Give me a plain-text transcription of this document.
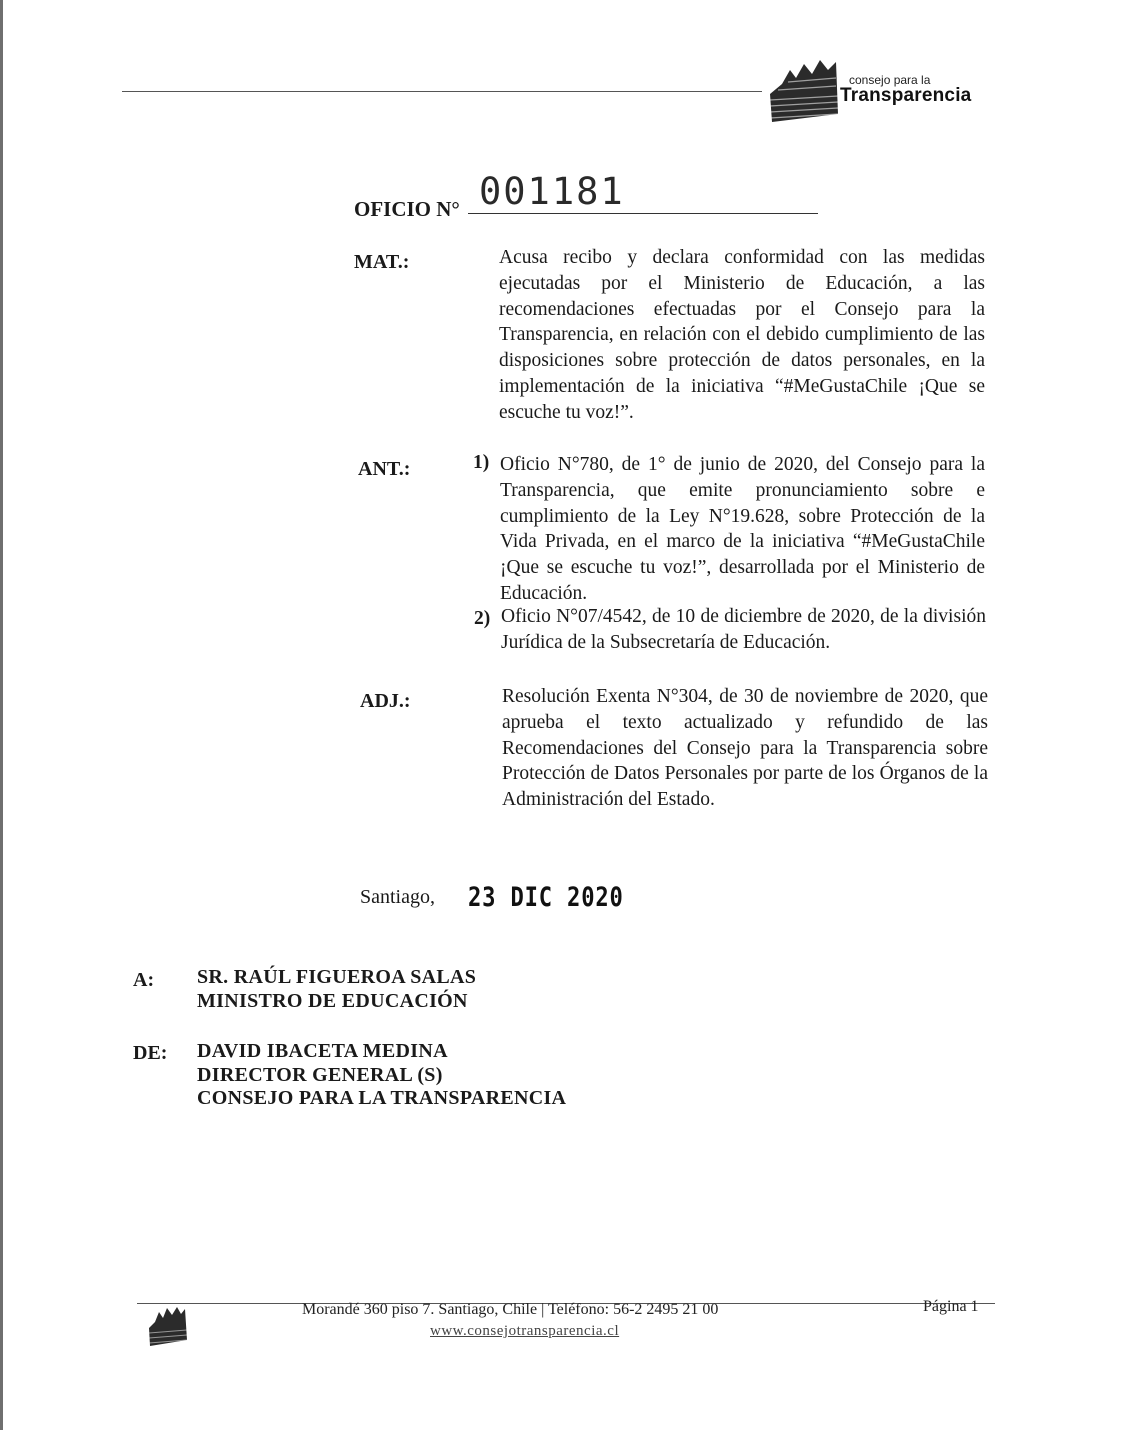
consejo para la
Transparencia
OFICIO N° 001181
MAT.:	Acusa recibo y declara conformidad con las medidas ejecutadas por el Ministerio de Educación, a las recomendaciones efectuadas por el Consejo para la Transparencia, en relación con el debido cumplimiento de las disposiciones sobre protección de datos personales, en la implementación de la iniciativa “#MeGustaChile ¡Que se escuche tu voz!”.
ANT.:	1) Oficio N°780, de 1° de junio de 2020, del Consejo para la Transparencia, que emite pronunciamiento sobre e cumplimiento de la Ley N°19.628, sobre Protección de la Vida Privada, en el marco de la iniciativa “#MeGustaChile ¡Que se escuche tu voz!”, desarrollada por el Ministerio de Educación.
2) Oficio N°07/4542, de 10 de diciembre de 2020, de la división Jurídica de la Subsecretaría de Educación.
ADJ.:	Resolución Exenta N°304, de 30 de noviembre de 2020, que aprueba el texto actualizado y refundido de las Recomendaciones del Consejo para la Transparencia sobre Protección de Datos Personales por parte de los Órganos de la Administración del Estado.
Santiago, 23 DIC 2020
A: SR. RAÚL FIGUEROA SALAS
MINISTRO DE EDUCACIÓN
DE: DAVID IBACETA MEDINA
DIRECTOR GENERAL (S)
CONSEJO PARA LA TRANSPARENCIA
Morandé 360 piso 7. Santiago, Chile | Teléfono: 56-2 2495 21 00
www.consejotransparencia.cl
Página 1
